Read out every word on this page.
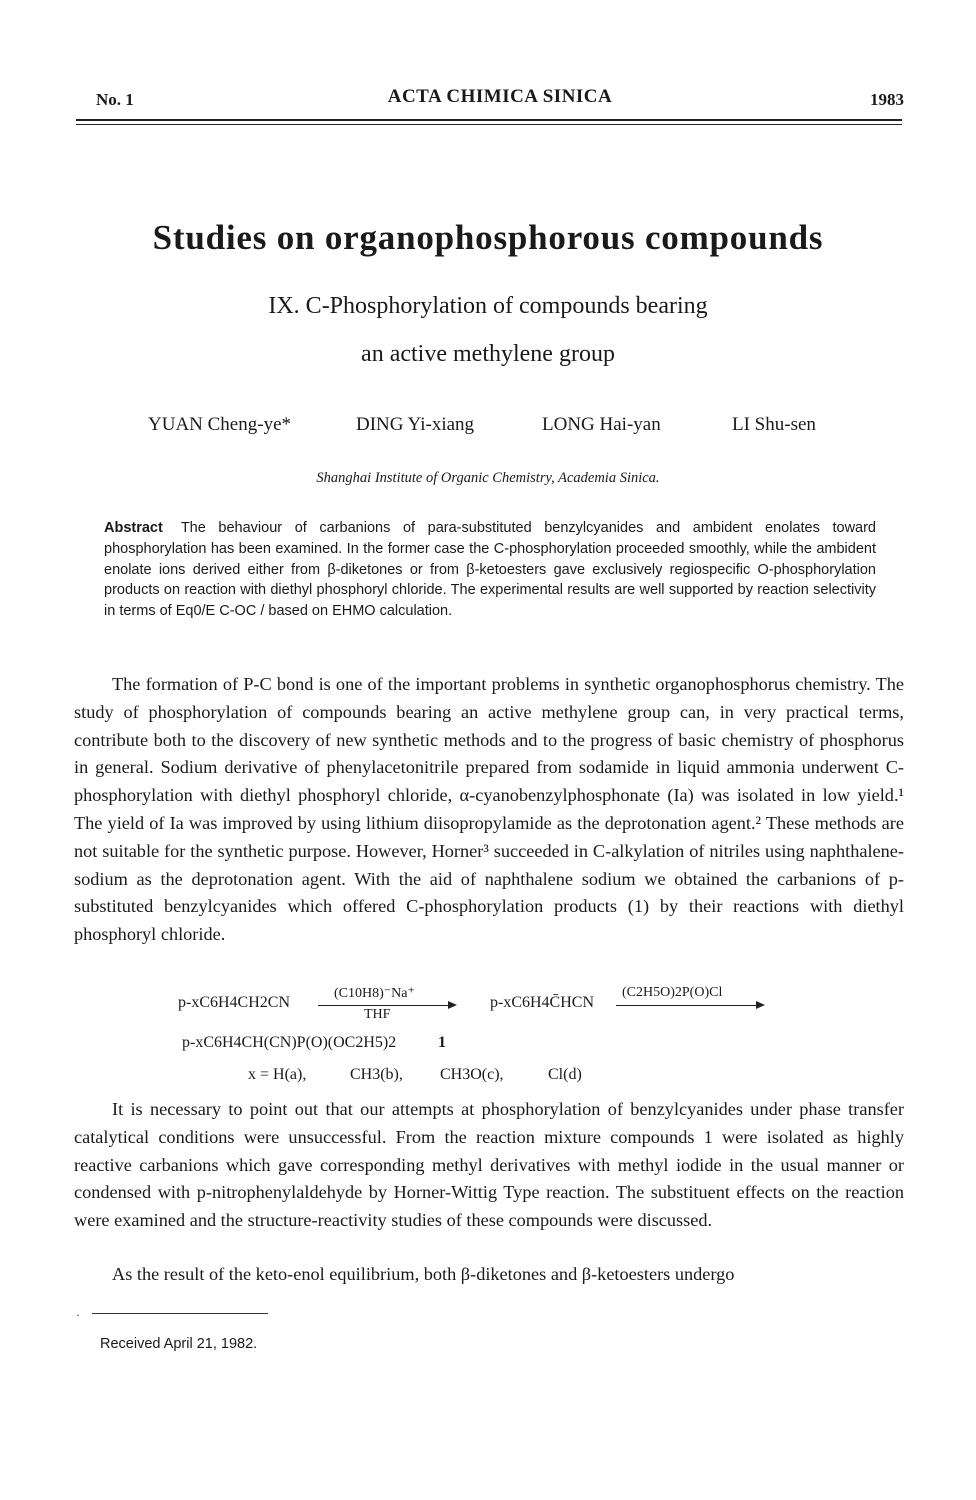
No. 1	ACTA CHIMICA SINICA	1983
Studies on organophosphorous compounds
IX. C-Phosphorylation of compounds bearing
an active methylene group
YUAN Cheng-ye*	DING Yi-xiang	LONG Hai-yan	LI Shu-sen
Shanghai Institute of Organic Chemistry, Academia Sinica.
Abstract The behaviour of carbanions of para-substituted benzylcyanides and ambident enolates toward phosphorylation has been examined. In the former case the C-phosphorylation proceeded smoothly, while the ambident enolate ions derived either from β-diketones or from β-ketoesters gave exclusively regiospecific O-phosphorylation products on reaction with diethyl phosphoryl chloride. The experimental results are well supported by reaction selectivity in terms of Eq0/E C-OC / based on EHMO calculation.
The formation of P-C bond is one of the important problems in synthetic organophosphorus chemistry. The study of phosphorylation of compounds bearing an active methylene group can, in very practical terms, contribute both to the discovery of new synthetic methods and to the progress of basic chemistry of phosphorus in general. Sodium derivative of phenylacetonitrile prepared from sodamide in liquid ammonia underwent C-phosphorylation with diethyl phosphoryl chloride, α-cyanobenzylphosphonate (Ia) was isolated in low yield.¹ The yield of Ia was improved by using lithium diisopropylamide as the deprotonation agent.² These methods are not suitable for the synthetic purpose. However, Horner³ succeeded in C-alkylation of nitriles using naphthalene-sodium as the deprotonation agent. With the aid of naphthalene sodium we obtained the carbanions of p-substituted benzylcyanides which offered C-phosphorylation products (1) by their reactions with diethyl phosphoryl chloride.
p-xC6H4CH2CN
(C10H8)⁻Na⁺
THF
p-xC6H4C̄HCN
(C2H5O)2P(O)Cl
p-xC6H4CH(CN)P(O)(OC2H5)2	1
x = H(a),	CH3(b), CH3O(c),	Cl(d)
It is necessary to point out that our attempts at phosphorylation of benzylcyanides under phase transfer catalytical conditions were unsuccessful. From the reaction mixture compounds 1 were isolated as highly reactive carbanions which gave corresponding methyl derivatives with methyl iodide in the usual manner or condensed with p-nitrophenylaldehyde by Horner-Wittig Type reaction. The substituent effects on the reaction were examined and the structure-reactivity studies of these compounds were discussed.
As the result of the keto-enol equilibrium, both β-diketones and β-ketoesters undergo
·
Received April 21, 1982.
